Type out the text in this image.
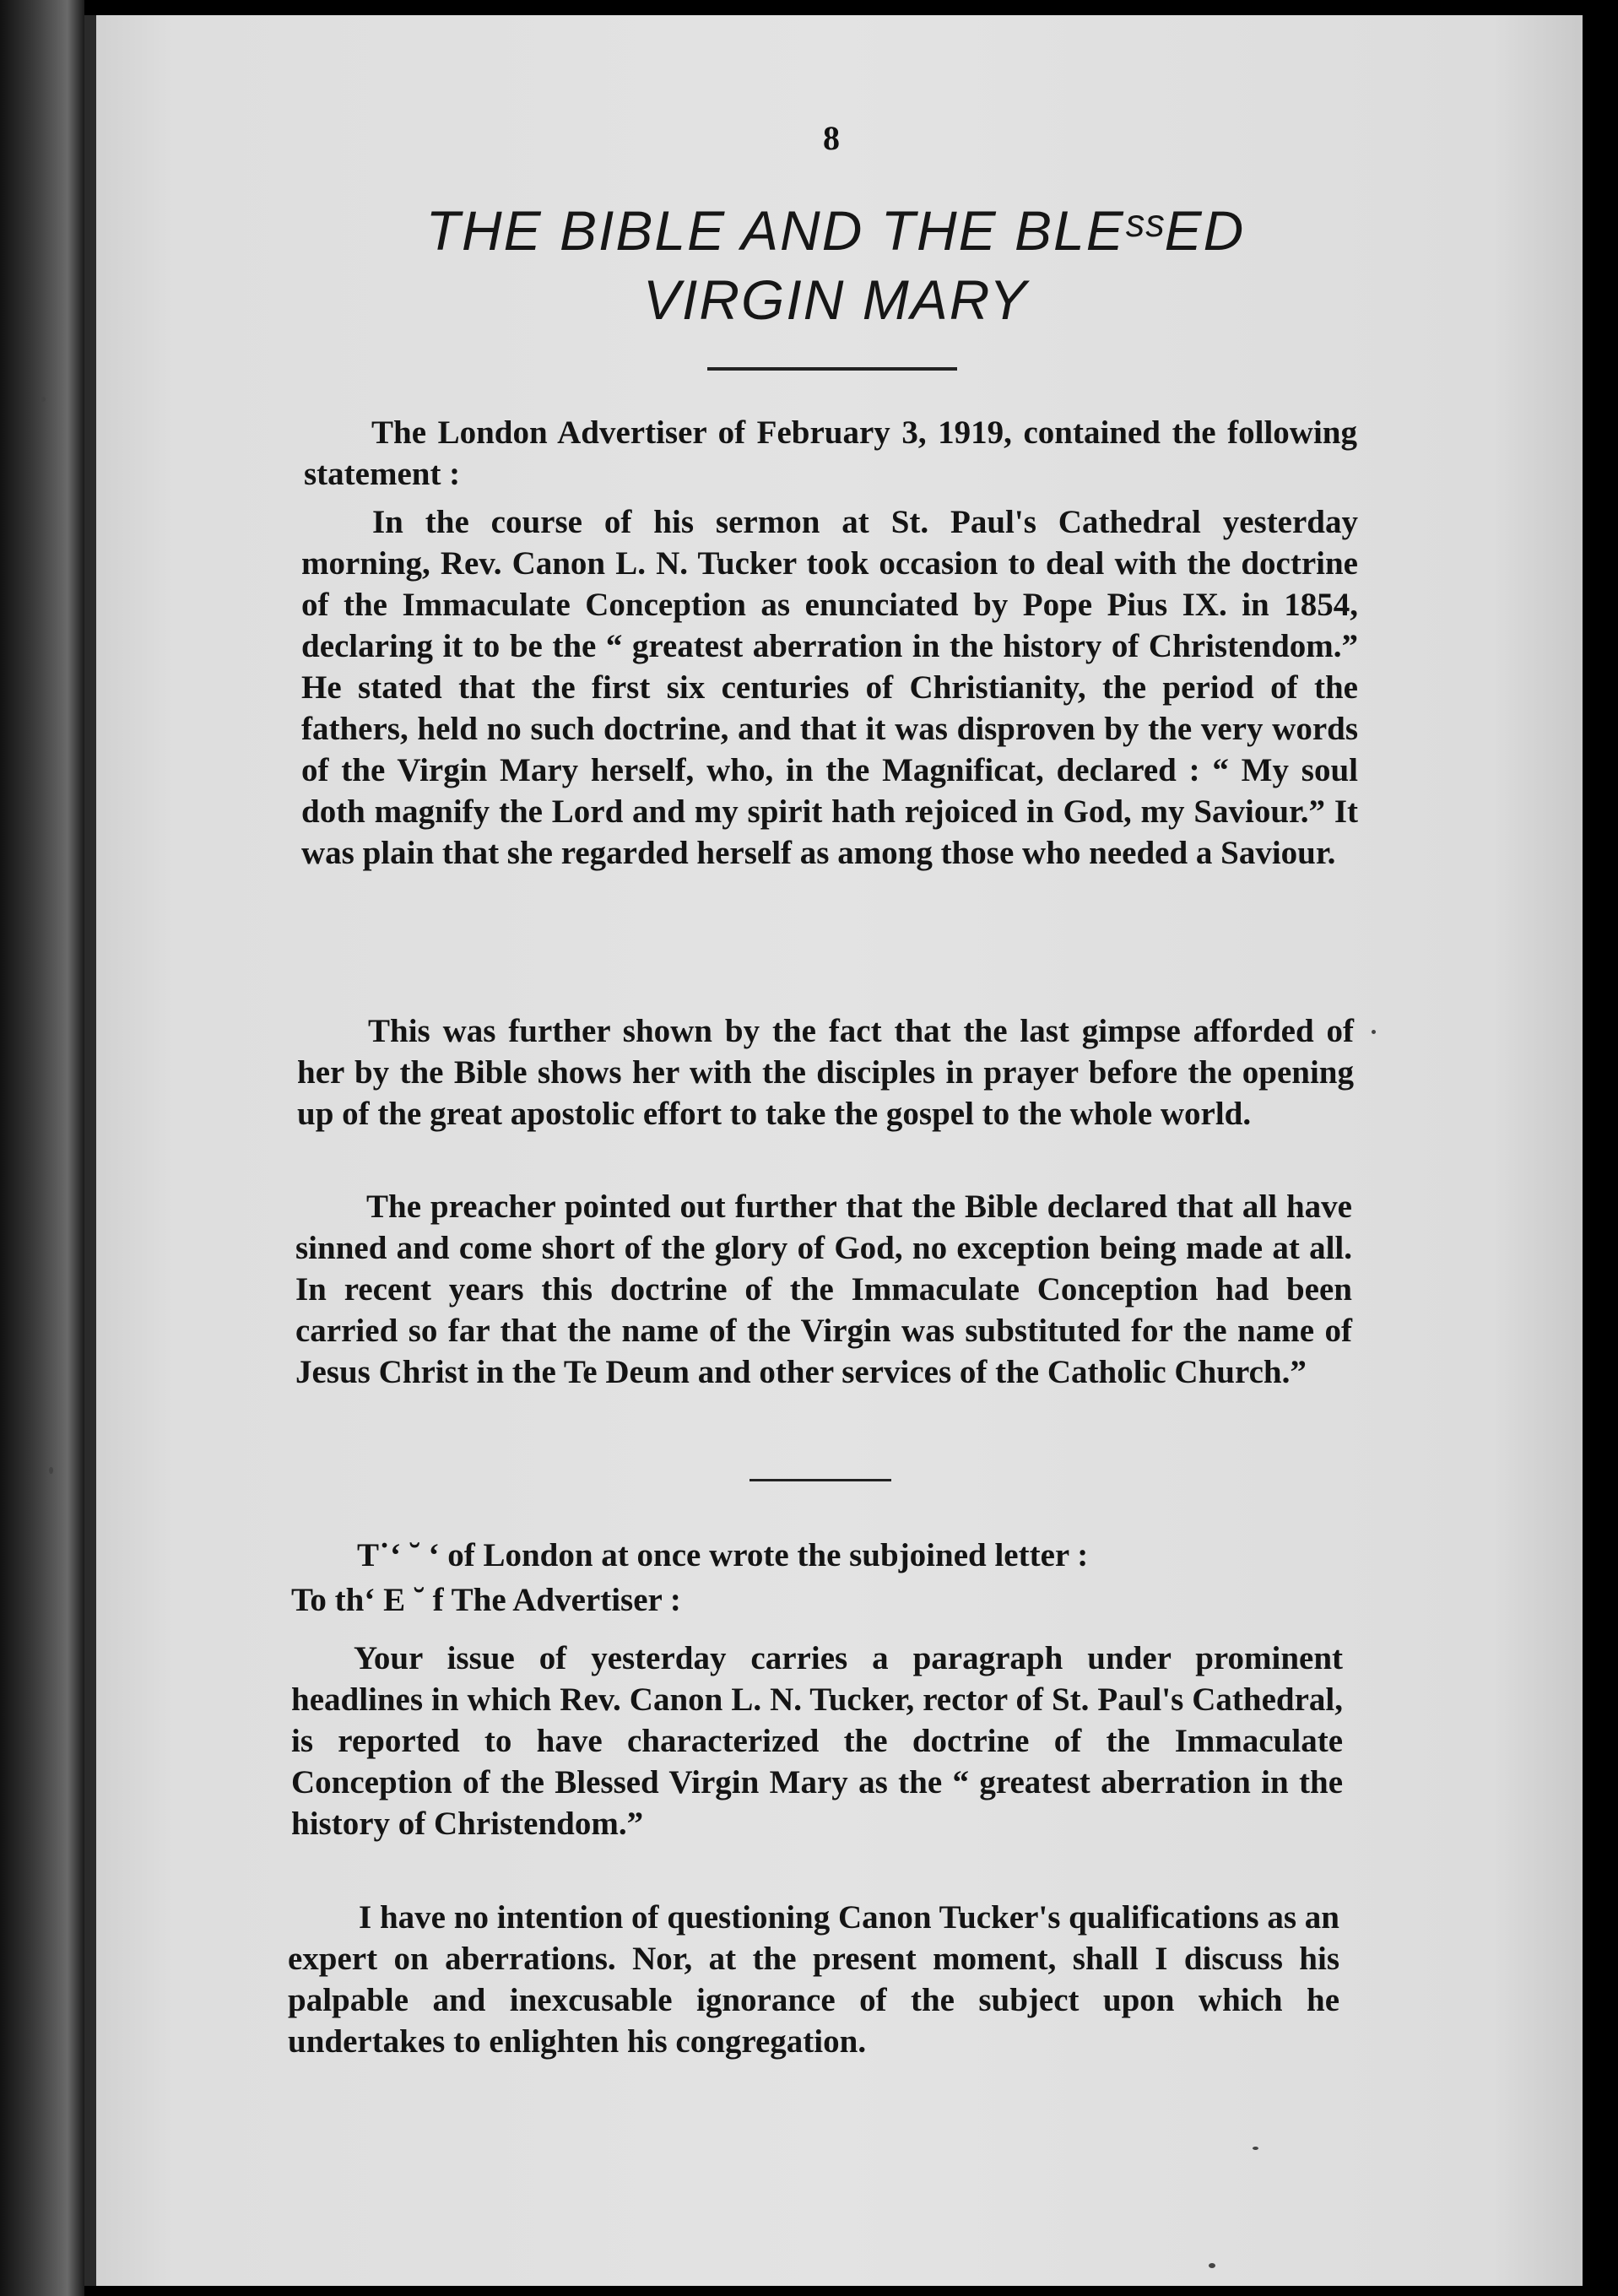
8
THE BIBLE AND THE BLEˢˢED
VIRGIN MARY

The London Advertiser of February 3, 1919, contained the following statement :

In the course of his sermon at St. Paul's Cathedral yesterday morning, Rev. Canon L. N. Tucker took occasion to deal with the doctrine of the Immaculate Conception as enunciated by Pope Pius IX. in 1854, declaring it to be the “ greatest aberration in the history of Christendom.” He stated that the first six centuries of Christianity, the period of the fathers, held no such doctrine, and that it was disproven by the very words of the Virgin Mary herself, who, in the Magnificat, declared : “ My soul doth magnify the Lord and my spirit hath rejoiced in God, my Saviour.” It was plain that she regarded herself as among those who needed a Saviour.

This was further shown by the fact that the last gimpse afforded of her by the Bible shows her with the disciples in prayer before the opening up of the great apostolic effort to take the gospel to the whole world.

The preacher pointed out further that the Bible declared that all have sinned and come short of the glory of God, no exception being made at all. In recent years this doctrine of the Immaculate Conception had been carried so far that the name of the Virgin was substituted for the name of Jesus Christ in the Te Deum and other services of the Catholic Church.”

T˙‘ ˘ ʻ of London at once wrote the subjoined letter :

To thʻ E ˘ f The Advertiser :

Your issue of yesterday carries a paragraph under prominent headlines in which Rev. Canon L. N. Tucker, rector of St. Paul's Cathedral, is reported to have characterized the doctrine of the Immaculate Conception of the Blessed Virgin Mary as the “ greatest aberration in the history of Christendom.”

I have no intention of questioning Canon Tucker's qualifications as an expert on aberrations. Nor, at the present moment, shall I discuss his palpable and inexcusable ignorance of the subject upon which he undertakes to enlighten his congregation.
